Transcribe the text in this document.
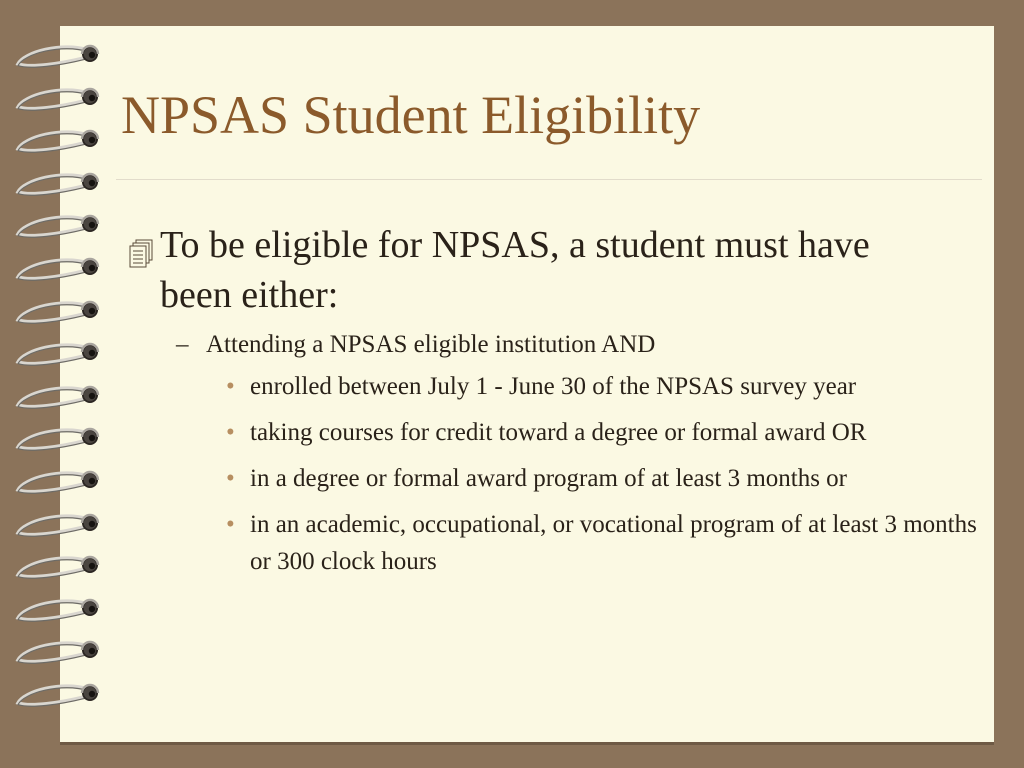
NPSAS Student Eligibility
To be eligible for NPSAS, a student must have been either:
– Attending a NPSAS eligible institution AND
• enrolled between July 1 - June 30 of the NPSAS survey year
• taking courses for credit toward a degree or formal award OR
• in a degree or formal award program of at least 3 months or
• in an academic, occupational, or vocational program of at least 3 months or 300 clock hours
